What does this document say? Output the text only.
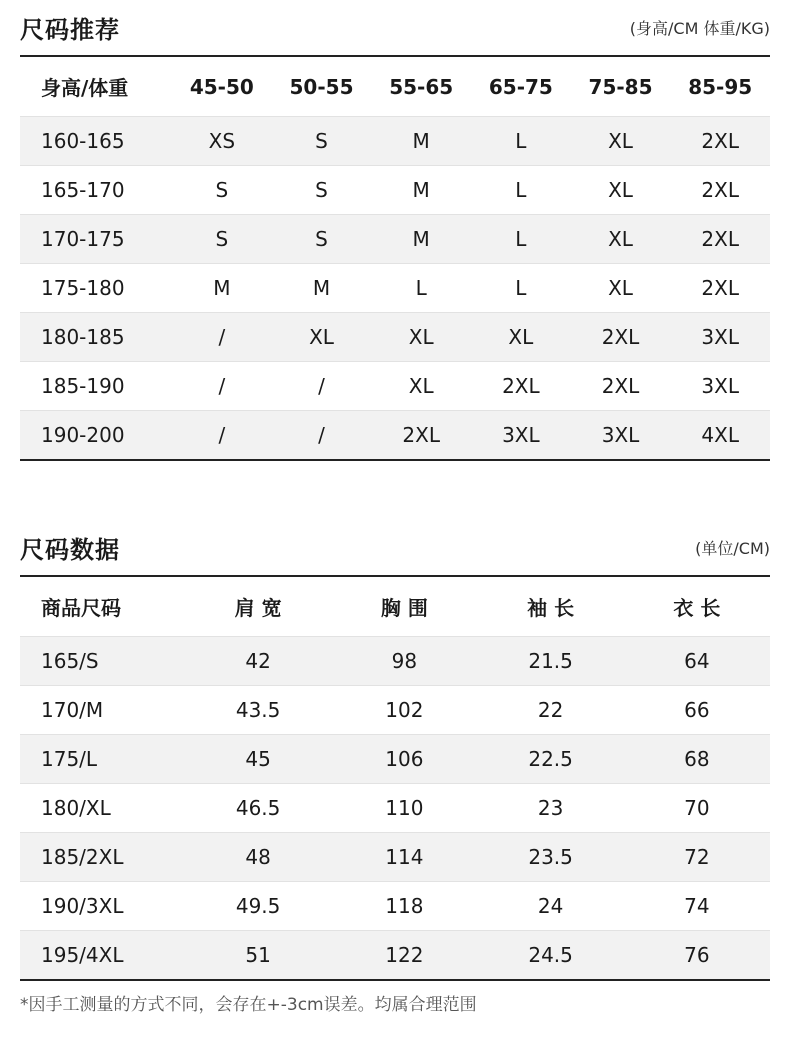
尺码推荐	(身高/CM 体重/KG)
身高/体重	45-50	50-55	55-65	65-75	75-85	85-95
160-165	XS	S	M	L	XL	2XL
165-170	S	S	M	L	XL	2XL
170-175	S	S	M	L	XL	2XL
175-180	M	M	L	L	XL	2XL
180-185	/	XL	XL	XL	2XL	3XL
185-190	/	/	XL	2XL	2XL	3XL
190-200	/	/	2XL	3XL	3XL	4XL
尺码数据	(单位/CM)
商品尺码	肩 宽	胸 围	袖 长	衣 长
165/S	42	98	21.5	64
170/M	43.5	102	22	66
175/L	45	106	22.5	68
180/XL	46.5	110	23	70
185/2XL	48	114	23.5	72
190/3XL	49.5	118	24	74
195/4XL	51	122	24.5	76
*因手工测量的方式不同，会存在+-3cm误差。均属合理范围
